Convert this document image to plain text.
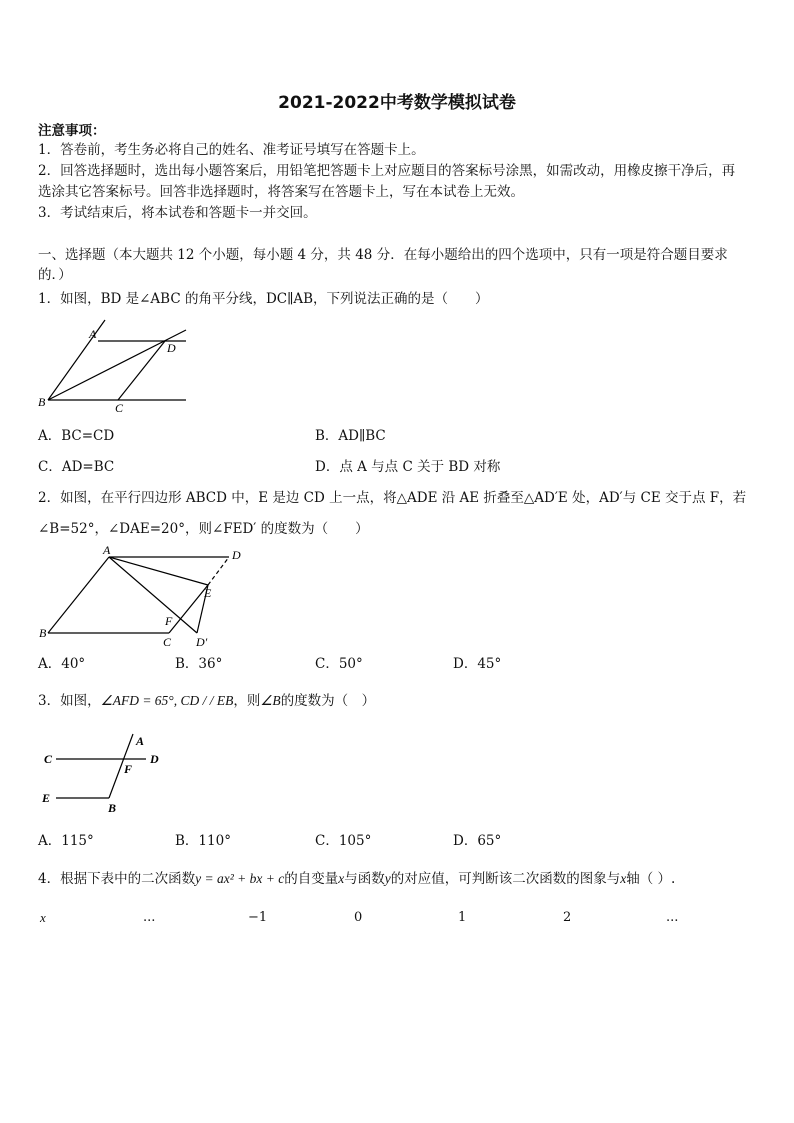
2021-2022中考数学模拟试卷
注意事项：
1．答卷前，考生务必将自己的姓名、准考证号填写在答题卡上。
2．回答选择题时，选出每小题答案后，用铅笔把答题卡上对应题目的答案标号涂黑，如需改动，用橡皮擦干净后，再
选涂其它答案标号。回答非选择题时，将答案写在答题卡上，写在本试卷上无效。
3．考试结束后，将本试卷和答题卡一并交回。
一、选择题（本大题共 12 个小题，每小题 4 分，共 48 分．在每小题给出的四个选项中，只有一项是符合题目要求
的．）
1．如图，BD 是∠ABC 的角平分线，DC∥AB，下列说法正确的是（　　）
A
D
B	C
A．BC=CD	B．AD∥BC
C．AD=BC	D．点 A 与点 C 关于 BD 对称
2．如图，在平行四边形 ABCD 中，E 是边 CD 上一点，将△ADE 沿 AE 折叠至△AD′E 处，AD′与 CE 交于点 F，若
∠B=52°，∠DAE=20°，则∠FED′ 的度数为（　　）
A	D
E
F
B
C D′
A．40°	B．36°	C．50°	D．45°
3．如图，∠AFD = 65°, CD / / EB，则∠B的度数为（　）
A
C	D
F
E
B
A．115°	B．110°	C．105°	D．65°
4．根据下表中的二次函数y = ax² + bx + c的自变量x与函数y的对应值，可判断该二次函数的图象与x轴（ ）.
x	...	−1	0	1	2	...
